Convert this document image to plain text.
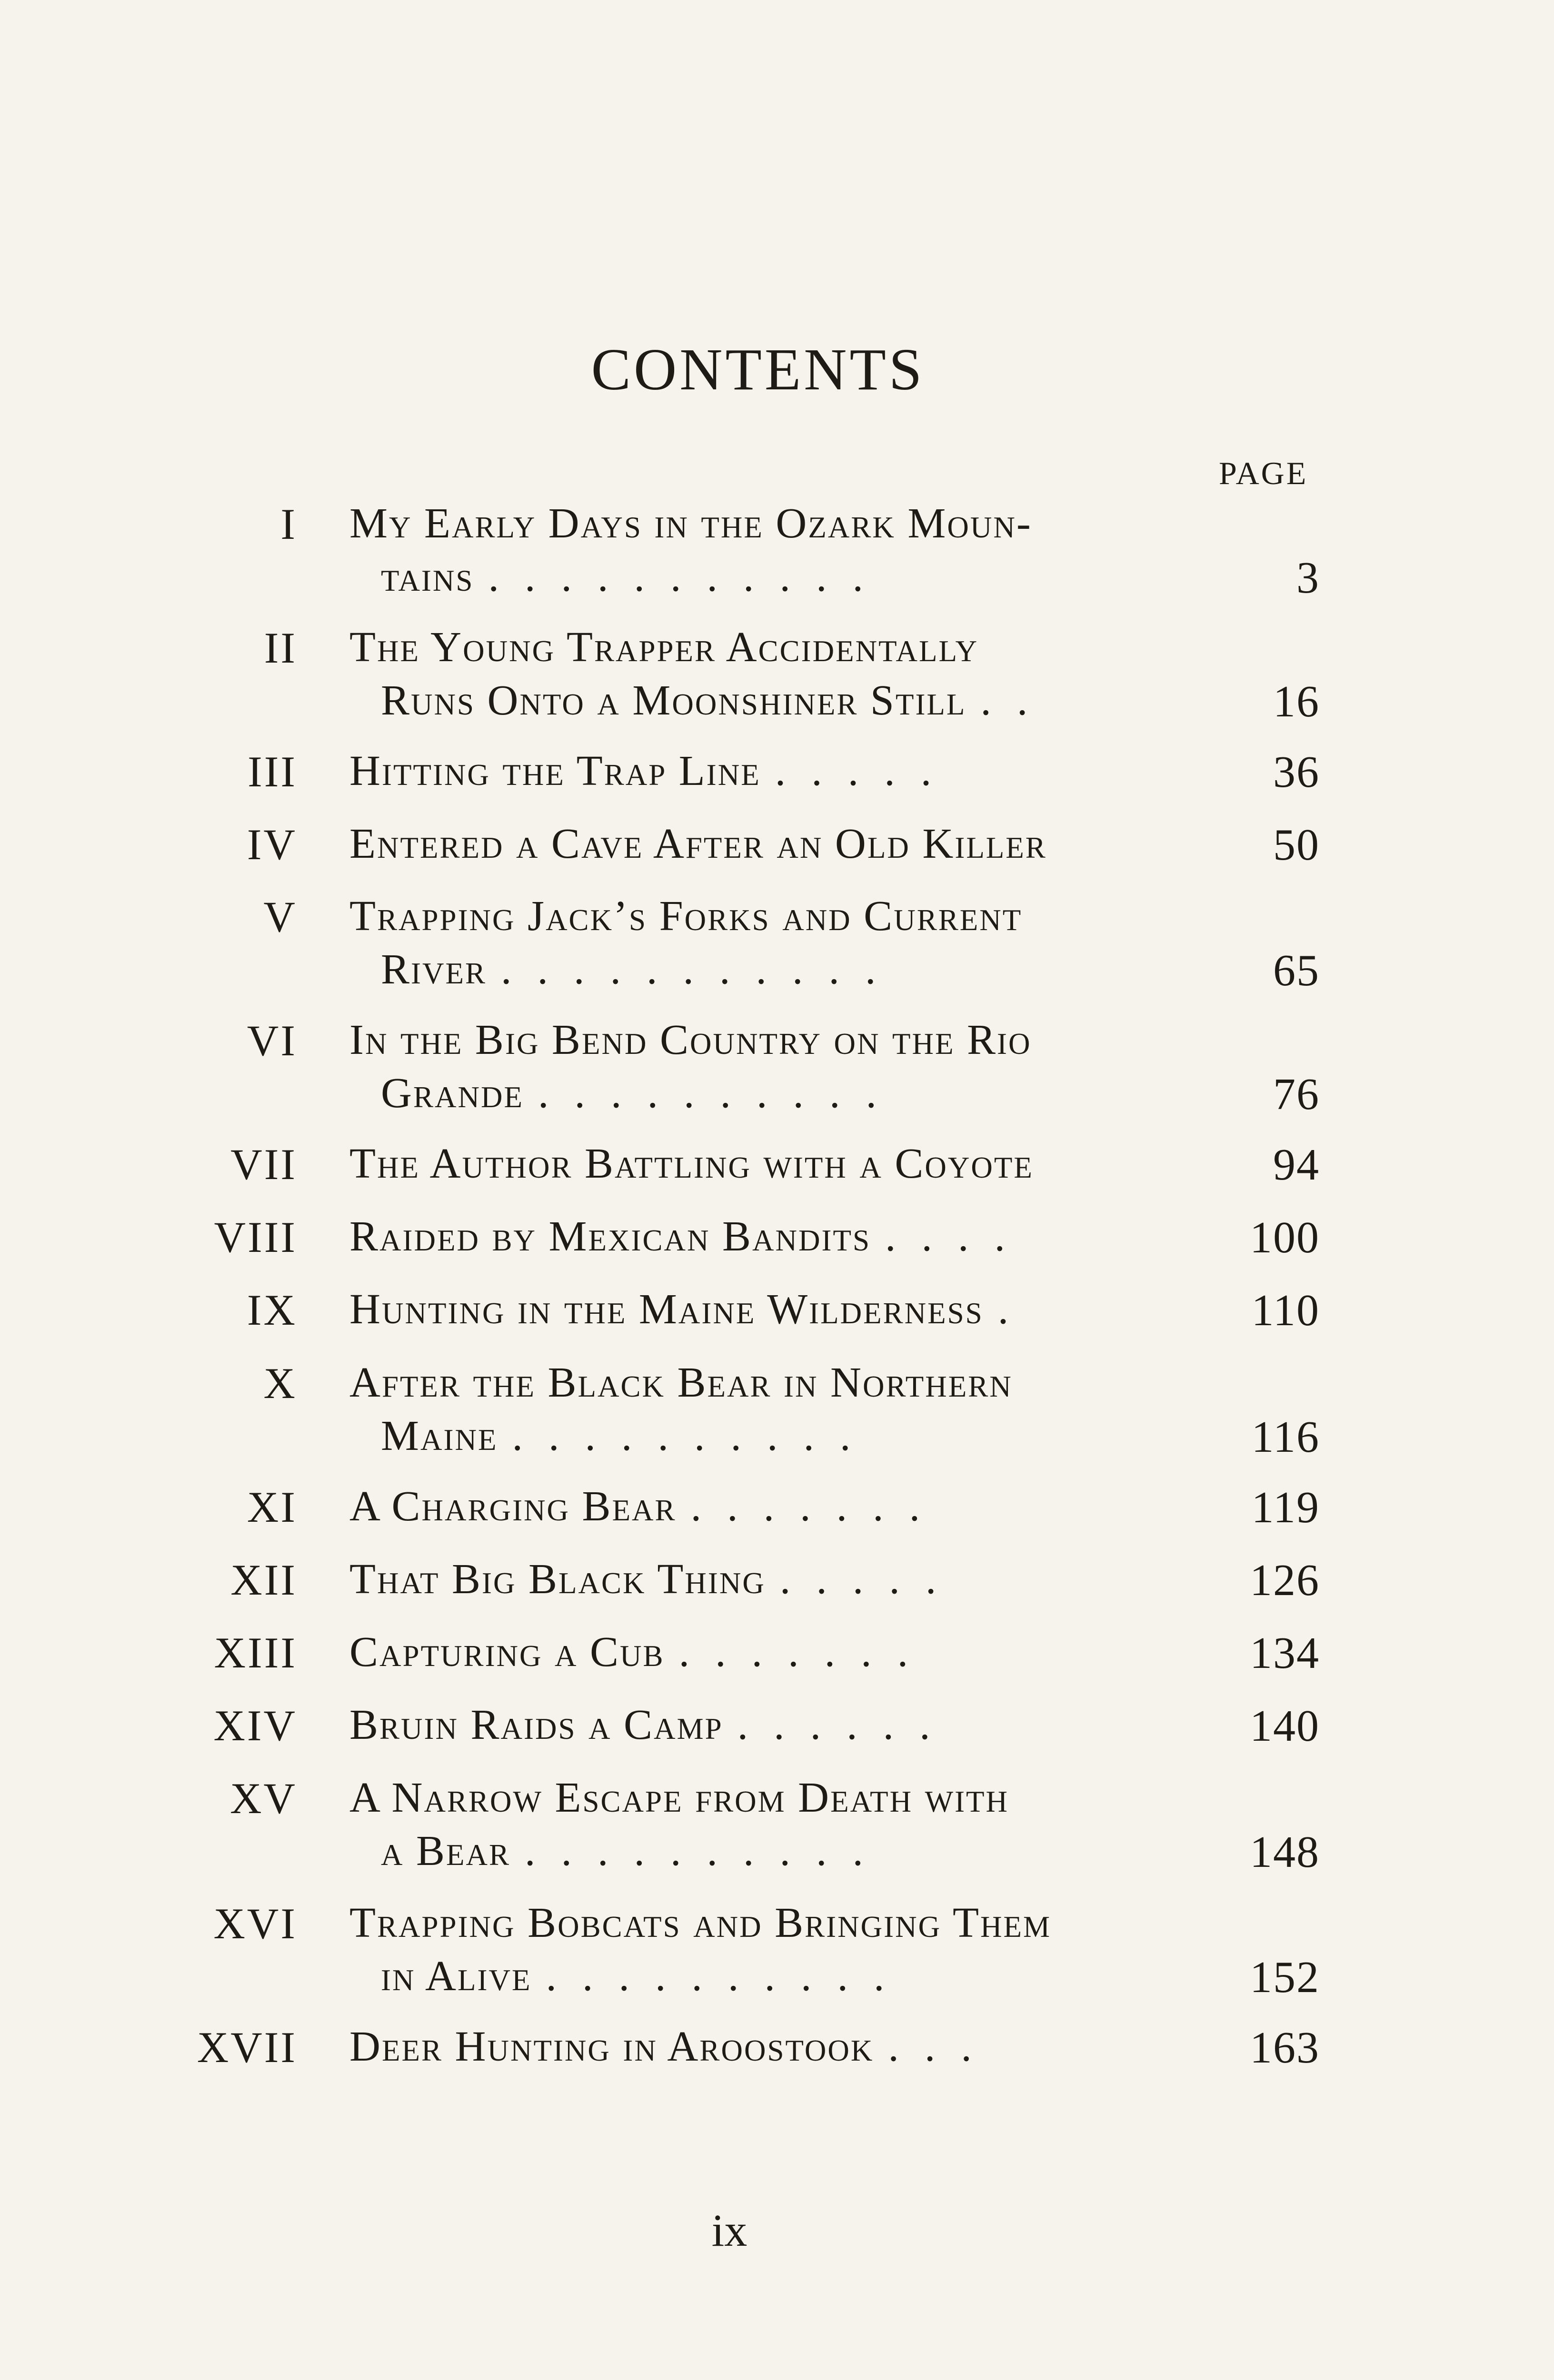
CONTENTS
PAGE
I My Early Days in the Ozark Moun-
tains ...........	3
II The Young Trapper Accidentally
Runs Onto a Moonshiner Still ..	16
III Hitting the Trap Line .....	36
IV Entered a Cave After an Old Killer	50
V Trapping Jack’s Forks and Current
River ...........	65
VI In the Big Bend Country on the Rio
Grande ..........	76
VII The Author Battling with a Coyote	94
VIII Raided by Mexican Bandits ....	100
IX Hunting in the Maine Wilderness .	110
X After the Black Bear in Northern
Maine ..........	116
XI A Charging Bear .......	119
XII That Big Black Thing .....	126
XIII Capturing a Cub .......	134
XIV Bruin Raids a Camp ......	140
XV A Narrow Escape from Death with
a Bear ..........	148
XVI Trapping Bobcats and Bringing Them
in Alive ..........	152
XVII Deer Hunting in Aroostook ...	163
ix
